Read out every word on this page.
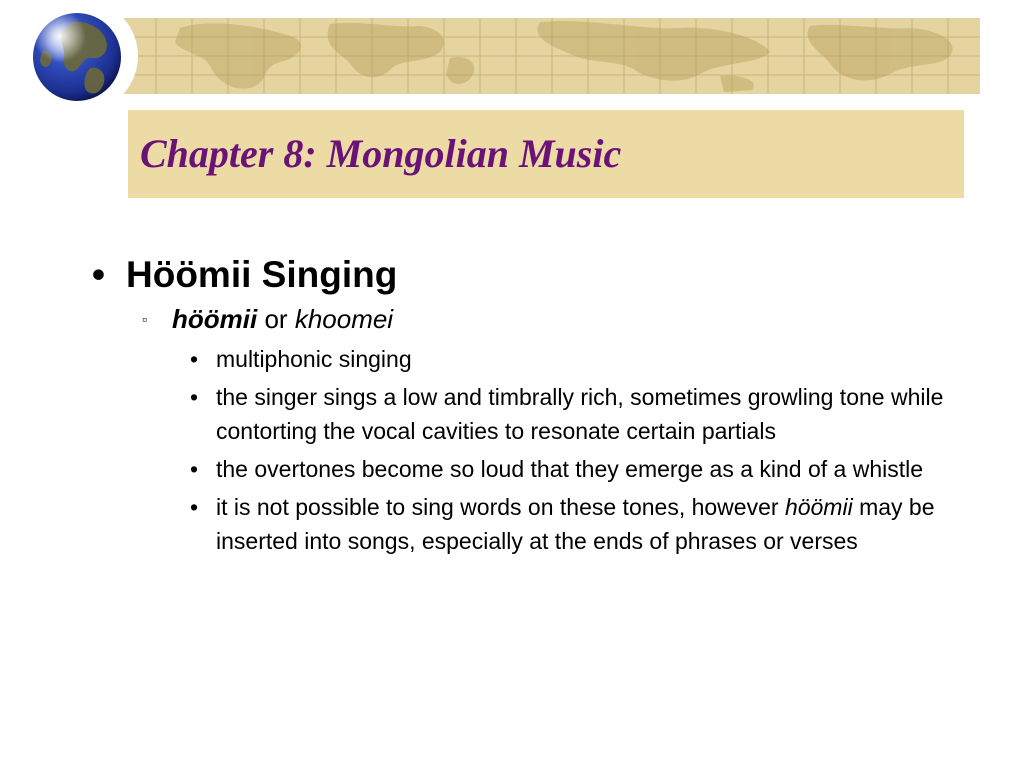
Chapter 8: Mongolian Music
• Höömii Singing
▫ höömii or khoomei
• multiphonic singing
• the singer sings a low and timbrally rich, sometimes growling tone while contorting the vocal cavities to resonate certain partials
• the overtones become so loud that they emerge as a kind of a whistle
• it is not possible to sing words on these tones, however höömii may be inserted into songs, especially at the ends of phrases or verses
